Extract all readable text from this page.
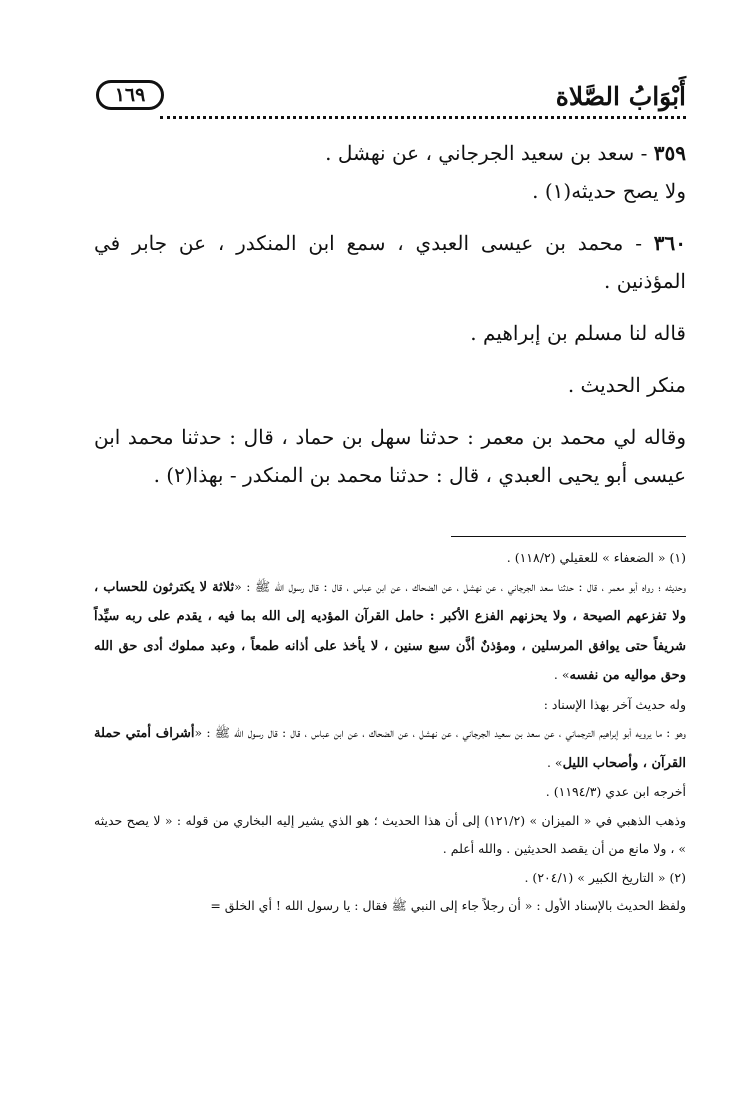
أَبْوَابُ الصَّلاة
١٦٩

٣٥٩ - سعد بن سعيد الجرجاني ، عن نهشل .

ولا يصح حديثه(١) .

٣٦٠ - محمد بن عيسى العبدي ، سمع ابن المنكدر ، عن جابر في المؤذنين .

قاله لنا مسلم بن إبراهيم .

منكر الحديث .

وقاله لي محمد بن معمر : حدثنا سهل بن حماد ، قال : حدثنا محمد ابن عيسى أبو يحيى العبدي ، قال : حدثنا محمد بن المنكدر - بهذا(٢) .

(١) « الضعفاء » للعقيلي (١١٨/٢) .

وحديثه ؛ رواه أبو معمر ، قال : حدثنا سعد الجرجاني ، عن نهشل ، عن الضحاك ، عن ابن عباس ، قال : قال رسول الله ﷺ : «ثلاثة لا يكترثون للحساب ، ولا تفزعهم الصيحة ، ولا يحزنهم الفزع الأكبر : حامل القرآن المؤديه إلى الله بما فيه ، يقدم على ربه سيِّداً شريفاً حتى يوافق المرسلين ، ومؤذنٌ أذَّن سبع سنين ، لا يأخذ على أذانه طمعاً ، وعبد مملوك أدى حق الله وحق مواليه من نفسه» .

وله حديث آخر بهذا الإسناد :

وهو : ما يرويه أبو إبراهيم الترجماني ، عن سعد بن سعيد الجرجاني ، عن نهشل ، عن الضحاك ، عن ابن عباس ، قال : قال رسول الله ﷺ : «أشراف أمتي حملة القرآن ، وأصحاب الليل» .

أخرجه ابن عدي (١١٩٤/٣) .

وذهب الذهبي في « الميزان » (١٢١/٢) إلى أن هذا الحديث ؛ هو الذي يشير إليه البخاري من قوله : « لا يصح حديثه » ، ولا مانع من أن يقصد الحديثين . والله أعلم .

(٢) « التاريخ الكبير » (٢٠٤/١) .

ولفظ الحديث بالإسناد الأول : « أن رجلاً جاء إلى النبي ﷺ فقال : يا رسول الله ! أي الخلق =
